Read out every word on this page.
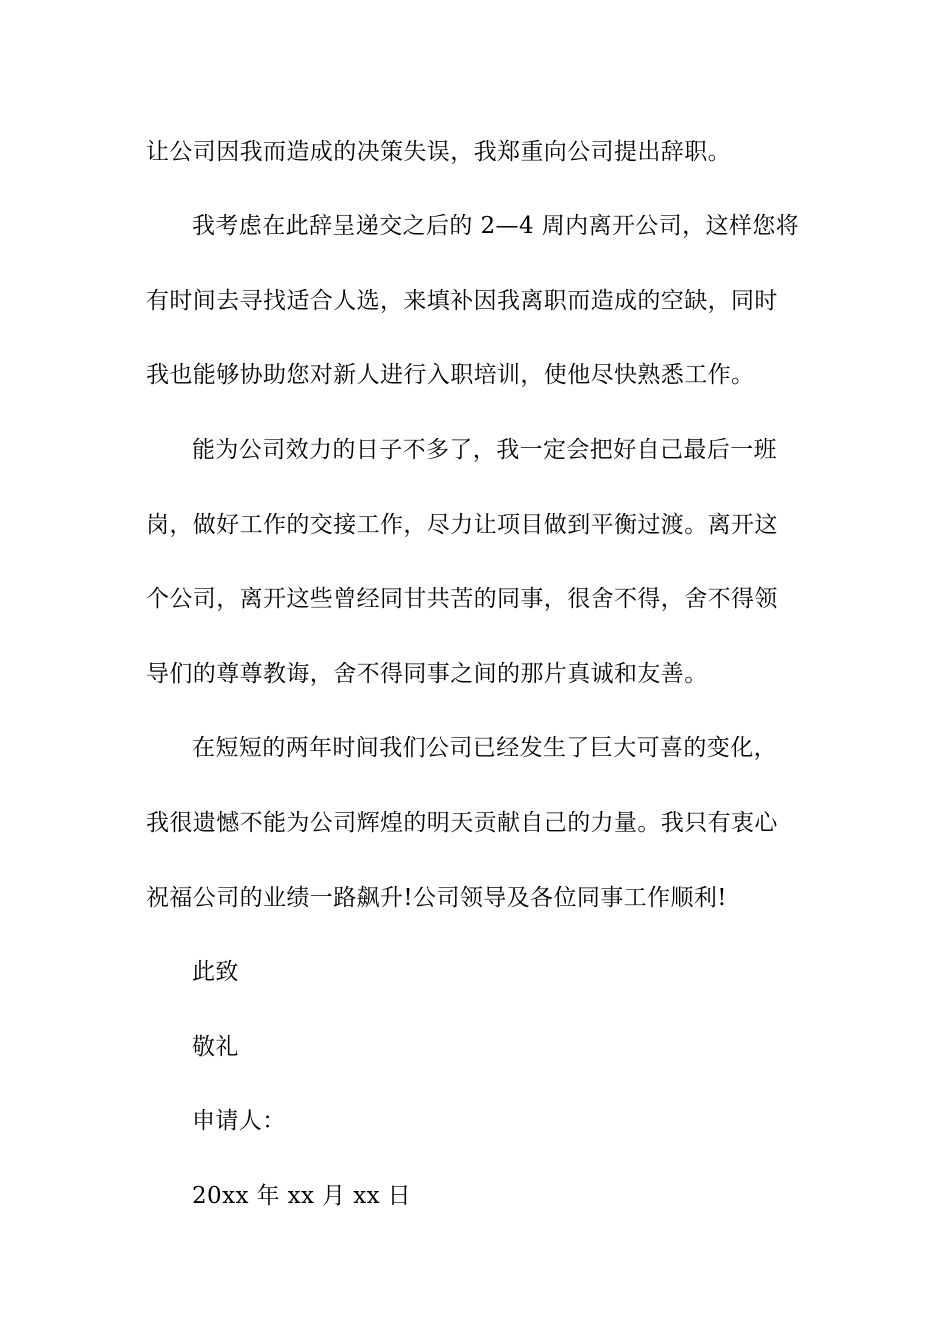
让公司因我而造成的决策失误，我郑重向公司提出辞职。
我考虑在此辞呈递交之后的 2—4 周内离开公司，这样您将
有时间去寻找适合人选，来填补因我离职而造成的空缺，同时
我也能够协助您对新人进行入职培训，使他尽快熟悉工作。
能为公司效力的日子不多了，我一定会把好自己最后一班
岗，做好工作的交接工作，尽力让项目做到平衡过渡。离开这
个公司，离开这些曾经同甘共苦的同事，很舍不得，舍不得领
导们的尊尊教诲，舍不得同事之间的那片真诚和友善。
在短短的两年时间我们公司已经发生了巨大可喜的变化，
我很遗憾不能为公司辉煌的明天贡献自己的力量。我只有衷心
祝福公司的业绩一路飙升!公司领导及各位同事工作顺利!
此致
敬礼
申请人：
20xx 年 xx 月 xx 日
